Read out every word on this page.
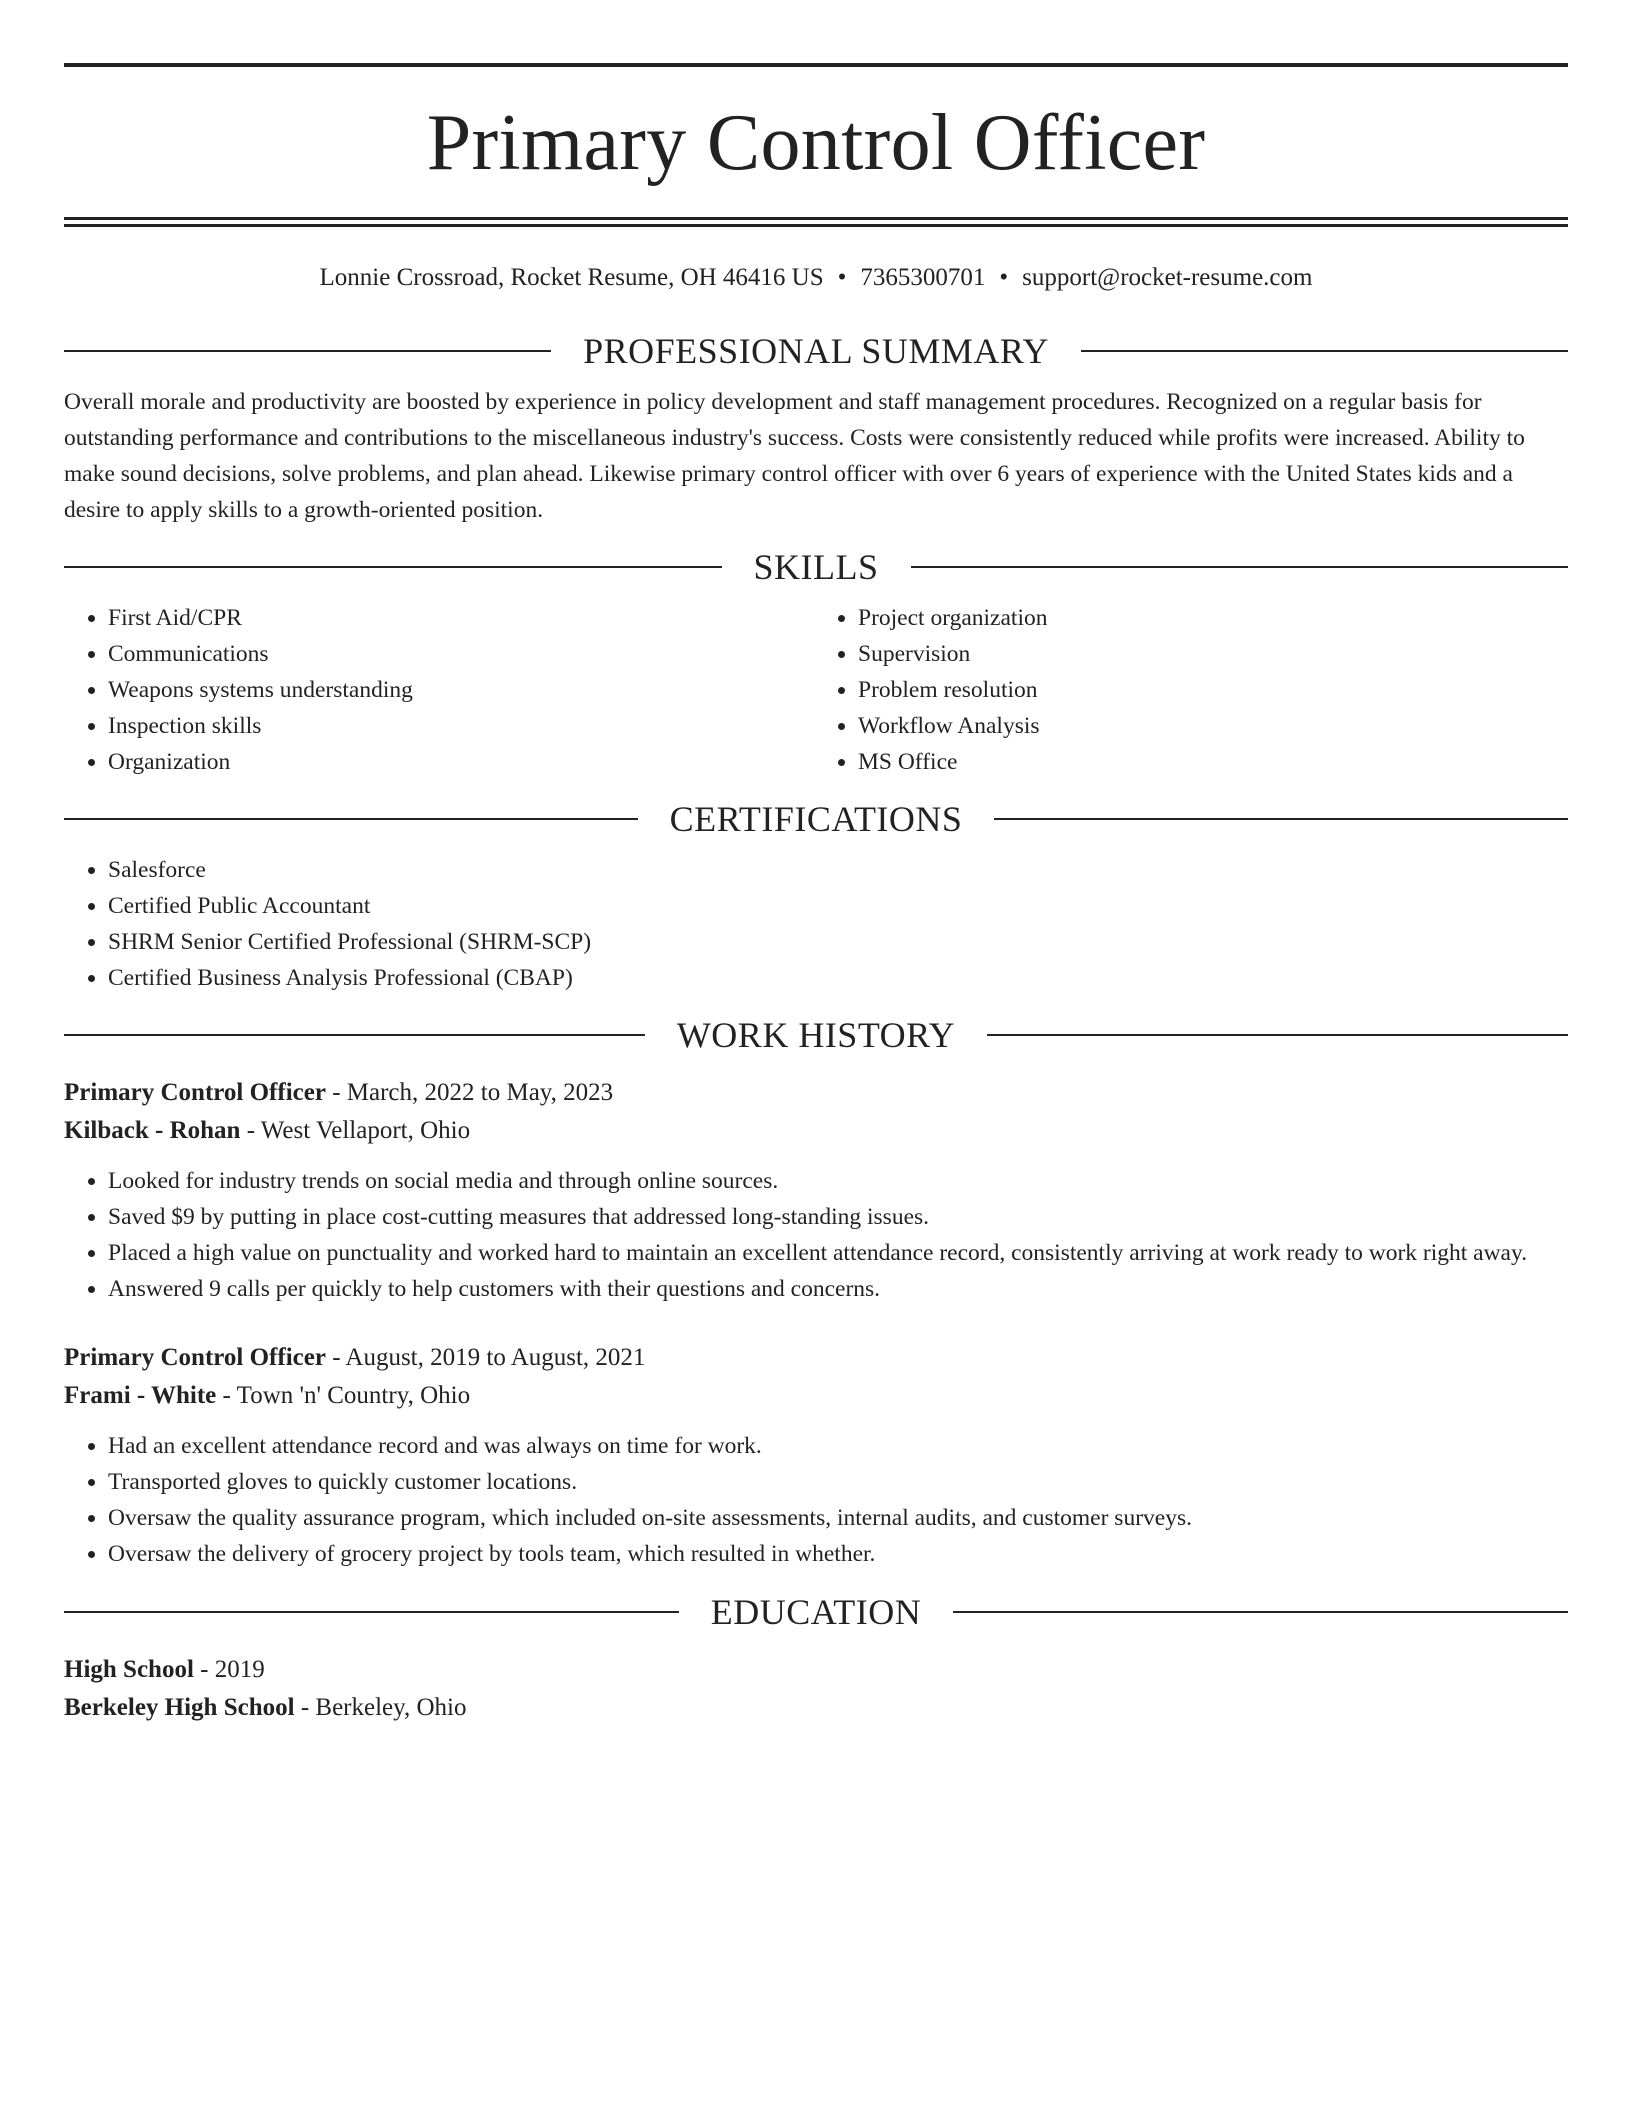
Primary Control Officer
Lonnie Crossroad, Rocket Resume, OH 46416 US • 7365300701 • support@rocket-resume.com
PROFESSIONAL SUMMARY
Overall morale and productivity are boosted by experience in policy development and staff management procedures. Recognized on a regular basis for outstanding performance and contributions to the miscellaneous industry's success. Costs were consistently reduced while profits were increased. Ability to make sound decisions, solve problems, and plan ahead. Likewise primary control officer with over 6 years of experience with the United States kids and a desire to apply skills to a growth-oriented position.
SKILLS
• First Aid/CPR
• Communications
• Weapons systems understanding
• Inspection skills
• Organization
• Project organization
• Supervision
• Problem resolution
• Workflow Analysis
• MS Office
CERTIFICATIONS
• Salesforce
• Certified Public Accountant
• SHRM Senior Certified Professional (SHRM-SCP)
• Certified Business Analysis Professional (CBAP)
WORK HISTORY
Primary Control Officer - March, 2022 to May, 2023
Kilback - Rohan - West Vellaport, Ohio
• Looked for industry trends on social media and through online sources.
• Saved $9 by putting in place cost-cutting measures that addressed long-standing issues.
• Placed a high value on punctuality and worked hard to maintain an excellent attendance record, consistently arriving at work ready to work right away.
• Answered 9 calls per quickly to help customers with their questions and concerns.
Primary Control Officer - August, 2019 to August, 2021
Frami - White - Town 'n' Country, Ohio
• Had an excellent attendance record and was always on time for work.
• Transported gloves to quickly customer locations.
• Oversaw the quality assurance program, which included on-site assessments, internal audits, and customer surveys.
• Oversaw the delivery of grocery project by tools team, which resulted in whether.
EDUCATION
High School - 2019
Berkeley High School - Berkeley, Ohio
